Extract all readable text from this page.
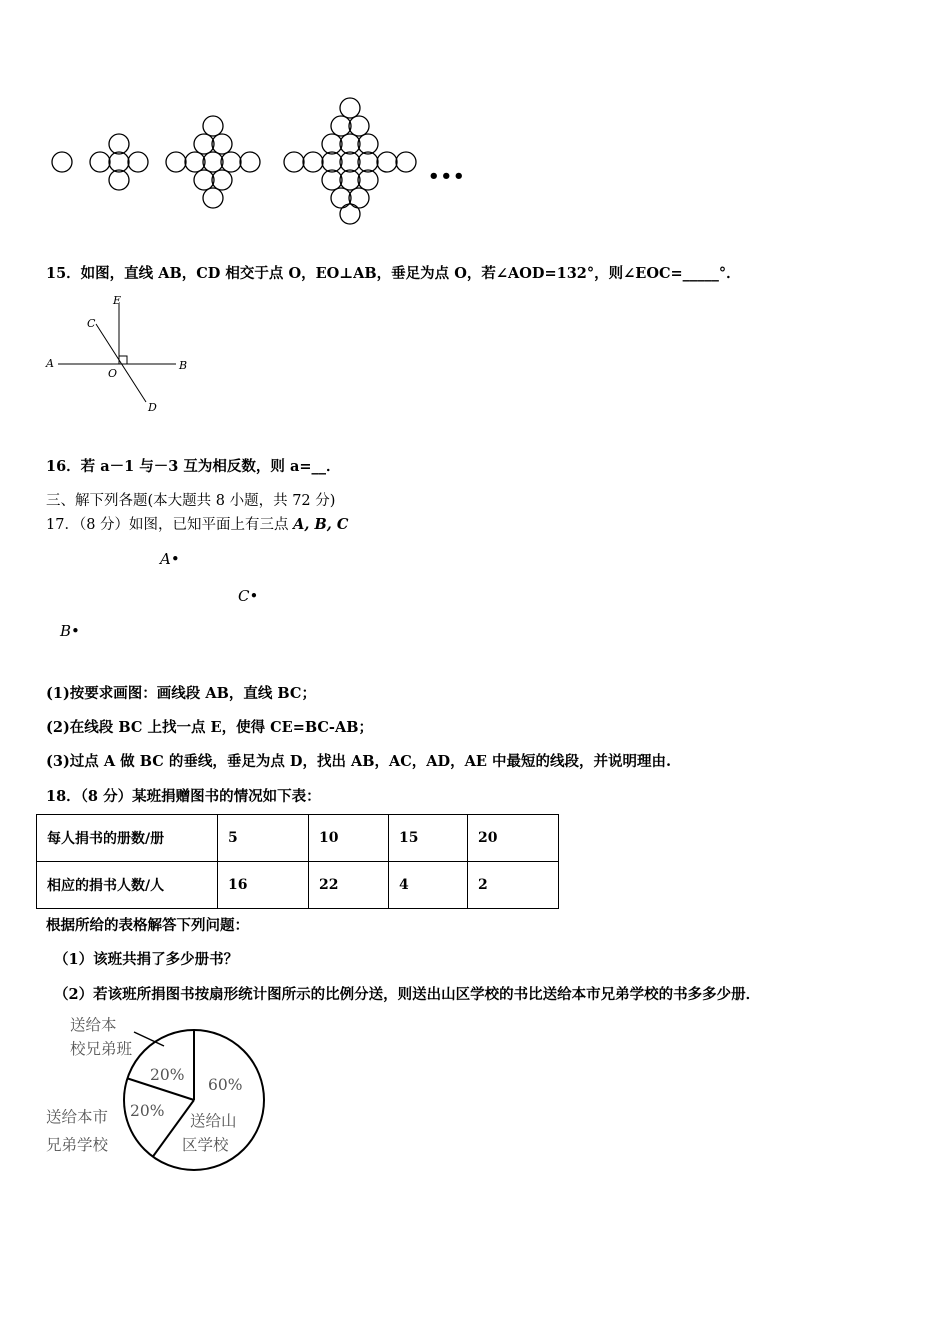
•••
15．如图，直线 AB，CD 相交于点 O，EO⊥AB，垂足为点 O，若∠AOD=132°，则∠EOC=_____°．
E
C
A	B
O
D
16．若 a－1 与－3 互为相反数，则 a=__．
三、解下列各题(本大题共 8 小题，共 72 分)
17．（8 分）如图，已知平面上有三点 A, B, C
A•
C•
B•
(1)按要求画图：画线段 AB，直线 BC；
(2)在线段 BC 上找一点 E，使得 CE=BC-AB；
(3)过点 A 做 BC 的垂线，垂足为点 D，找出 AB，AC，AD，AE 中最短的线段，并说明理由.
18．（8 分）某班捐赠图书的情况如下表：
每人捐书的册数/册	5	10	15	20
相应的捐书人数/人	16	22	4	2
根据所给的表格解答下列问题：
（1）该班共捐了多少册书？
（2）若该班所捐图书按扇形统计图所示的比例分送，则送出山区学校的书比送给本市兄弟学校的书多多少册．
送给本
校兄弟班
20%
60%
20%
送给山
区学校
送给本市
兄弟学校
